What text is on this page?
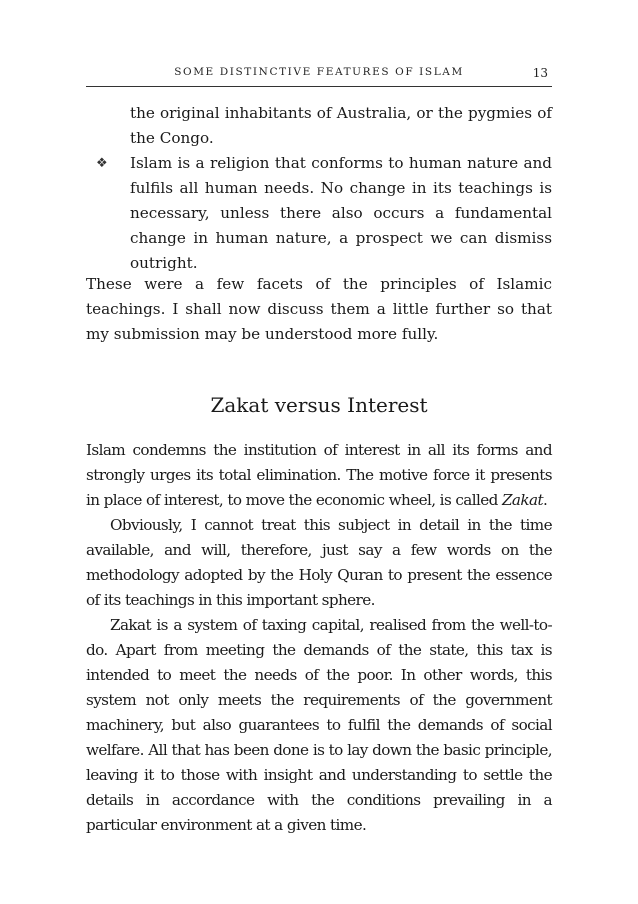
SOME DISTINCTIVE FEATURES OF ISLAM	13
the original inhabitants of Australia, or the pygmies of the Congo.
❖ Islam is a religion that conforms to human nature and fulfils all human needs. No change in its teachings is necessary, unless there also occurs a fundamental change in human nature, a prospect we can dismiss outright.
These were a few facets of the principles of Islamic teachings. I shall now discuss them a little further so that my submission may be understood more fully.
Zakat versus Interest
Islam condemns the institution of interest in all its forms and strongly urges its total elimination. The motive force it presents in place of interest, to move the economic wheel, is called Zakat.
Obviously, I cannot treat this subject in detail in the time available, and will, therefore, just say a few words on the methodology adopted by the Holy Quran to present the essence of its teachings in this important sphere.
Zakat is a system of taxing capital, realised from the well-to- do. Apart from meeting the demands of the state, this tax is intended to meet the needs of the poor. In other words, this system not only meets the requirements of the government machinery, but also guarantees to fulfil the demands of social welfare. All that has been done is to lay down the basic principle, leaving it to those with insight and understanding to settle the details in accordance with the conditions prevailing in a particular environment at a given time.
